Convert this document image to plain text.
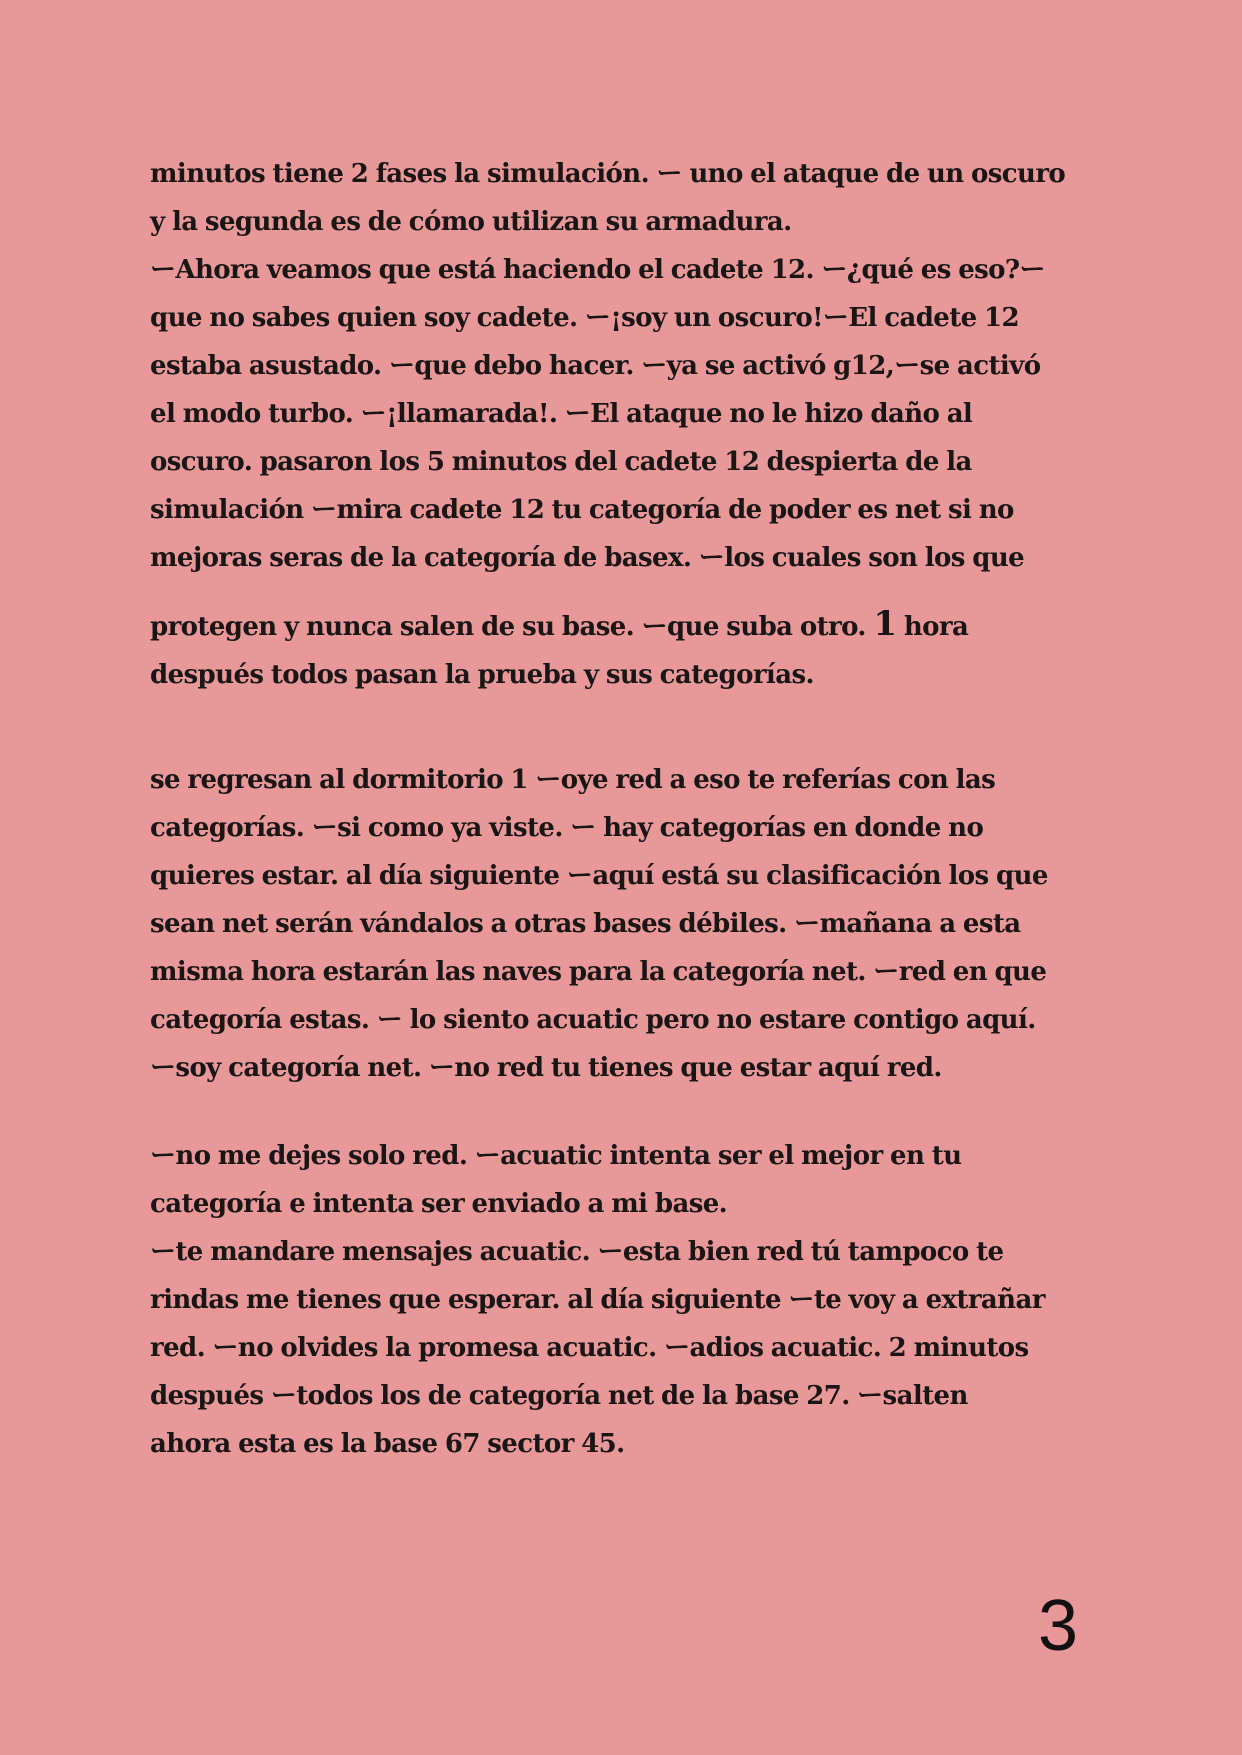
minutos tiene 2 fases la simulación. ー uno el ataque de un oscuro
y la segunda es de cómo utilizan su armadura.
ーAhora veamos que está haciendo el cadete 12. ー¿qué es eso?ー
que no sabes quien soy cadete. ー¡soy un oscuro!ーEl cadete 12
estaba asustado. ーque debo hacer. ーya se activó g12,ーse activó
el modo turbo. ー¡llamarada!. ーEl ataque no le hizo daño al
oscuro. pasaron los 5 minutos del cadete 12 despierta de la
simulación ーmira cadete 12 tu categoría de poder es net si no
mejoras seras de la categoría de basex. ーlos cuales son los que
protegen y nunca salen de su base. ーque suba otro. 1 hora
después todos pasan la prueba y sus categorías.
se regresan al dormitorio 1 ーoye red a eso te referías con las
categorías. ーsi como ya viste. ー hay categorías en donde no
quieres estar. al día siguiente ーaquí está su clasificación los que
sean net serán vándalos a otras bases débiles. ーmañana a esta
misma hora estarán las naves para la categoría net. ーred en que
categoría estas. ー lo siento acuatic pero no estare contigo aquí.
ーsoy categoría net. ーno red tu tienes que estar aquí red.
ーno me dejes solo red. ーacuatic intenta ser el mejor en tu
categoría e intenta ser enviado a mi base.
ーte mandare mensajes acuatic. ーesta bien red tú tampoco te
rindas me tienes que esperar. al día siguiente ーte voy a extrañar
red. ーno olvides la promesa acuatic. ーadios acuatic. 2 minutos
después ーtodos los de categoría net de la base 27. ーsalten
ahora esta es la base 67 sector 45.
3
